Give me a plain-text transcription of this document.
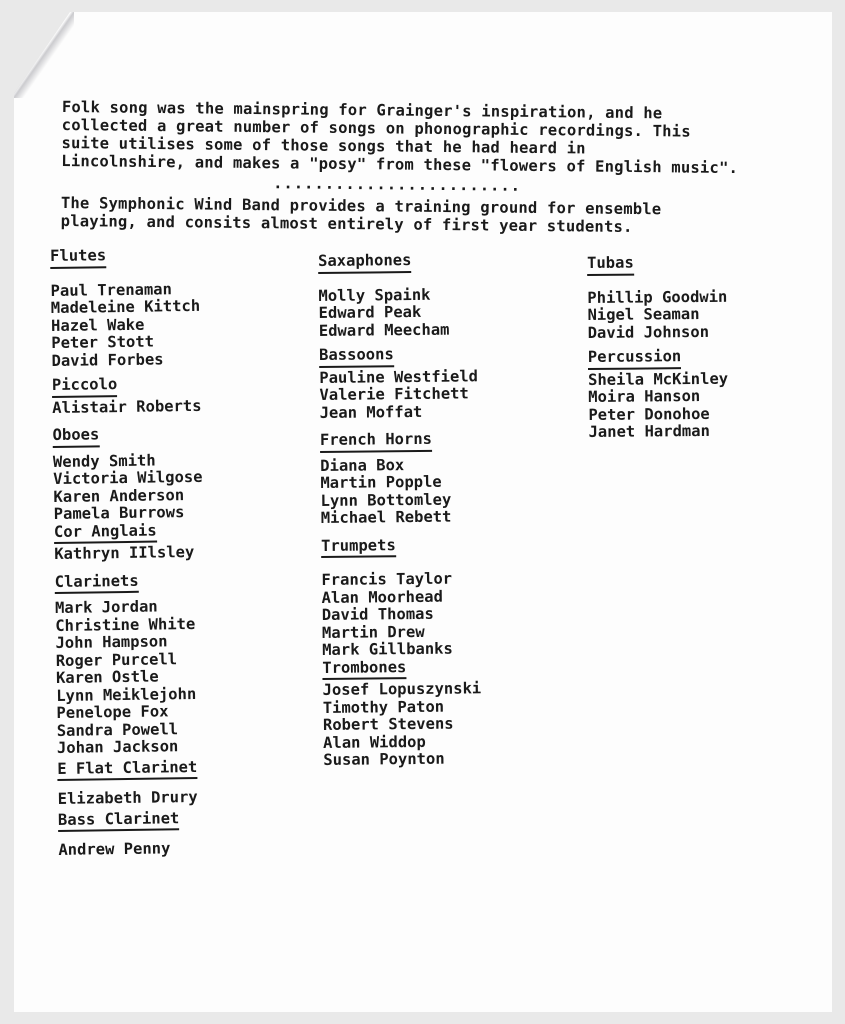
Folk song was the mainspring for Grainger's inspiration, and he

collected a great number of songs on phonographic recordings. This

suite utilises some of those songs that he had heard in

Lincolnshire, and makes a "posy" from these "flowers of English music".

........................

The Symphonic Wind Band provides a training ground for ensemble

playing, and consits almost entirely of first year students.

Flutes
Paul Trenaman
Madeleine Kittch
Hazel Wake
Peter Stott
David Forbes
Piccolo
Alistair Roberts
Oboes
Wendy Smith
Victoria Wilgose
Karen Anderson
Pamela Burrows
Cor Anglais
Kathryn IIlsley
Clarinets
Mark Jordan
Christine White
John Hampson
Roger Purcell
Karen Ostle
Lynn Meiklejohn
Penelope Fox
Sandra Powell
Johan Jackson
E Flat Clarinet
Elizabeth Drury
Bass Clarinet
Andrew Penny
Saxaphones
Molly Spaink
Edward Peak
Edward Meecham
Bassoons
Pauline Westfield
Valerie Fitchett
Jean Moffat
French Horns
Diana Box
Martin Popple
Lynn Bottomley
Michael Rebett
Trumpets
Francis Taylor
Alan Moorhead
David Thomas
Martin Drew
Mark Gillbanks
Trombones
Josef Lopuszynski
Timothy Paton
Robert Stevens
Alan Widdop
Susan Poynton
Tubas
Phillip Goodwin
Nigel Seaman
David Johnson
Percussion
Sheila McKinley
Moira Hanson
Peter Donohoe
Janet Hardman
